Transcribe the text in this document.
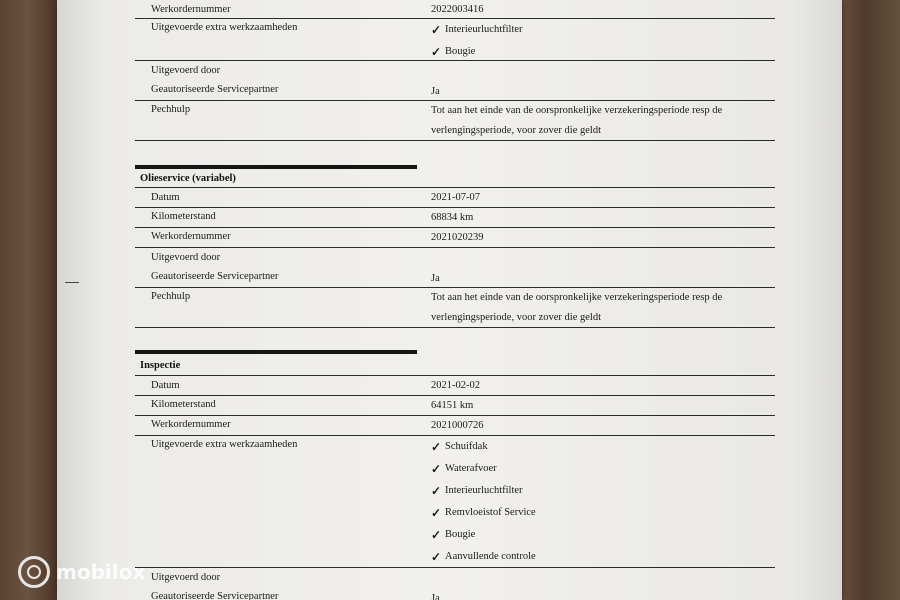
Werkordernummer	2022003416
Uitgevoerde extra werkzaamheden	✓ Interieurluchtfilter
✓ Bougie
Uitgevoerd door
Geautoriseerde Servicepartner	Ja
Pechhulp	Tot aan het einde van de oorspronkelijke verzekeringsperiode resp de
verlengingsperiode, voor zover die geldt
Olieservice (variabel)
Datum	2021-07-07
Kilometerstand	68834 km
Werkordernummer	2021020239
Uitgevoerd door
Geautoriseerde Servicepartner	Ja
Pechhulp	Tot aan het einde van de oorspronkelijke verzekeringsperiode resp de
verlengingsperiode, voor zover die geldt
Inspectie
Datum	2021-02-02
Kilometerstand	64151 km
Werkordernummer	2021000726
Uitgevoerde extra werkzaamheden	✓ Schuifdak
✓ Waterafvoer
✓ Interieurluchtfilter
✓ Remvloeistof Service
✓ Bougie
✓ Aanvullende controle
Uitgevoerd door
Geautoriseerde Servicepartner	Ja
mobilox
